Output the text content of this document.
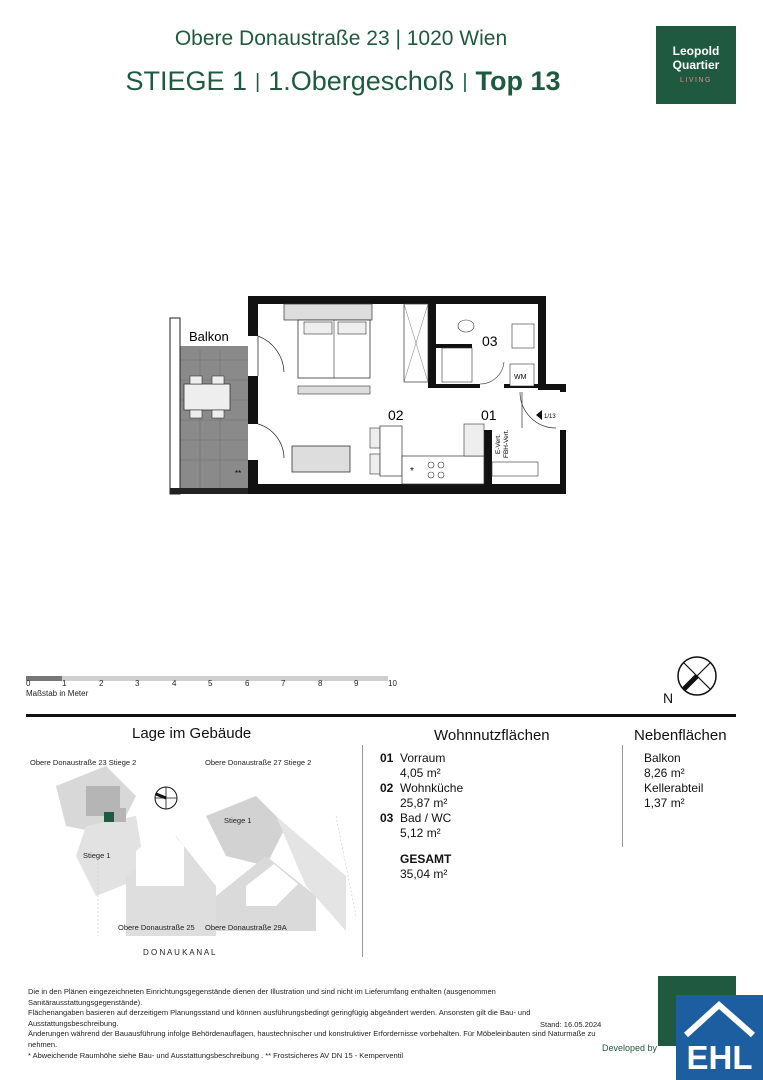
Obere Donaustraße 23 | 1020 Wien
STIEGE 1 | 1.Obergeschoß | Top 13
Leopold
Quartier
LIVING
Balkon
**	*
WM
1/13
E-Vert. FBH-Vert.
02	01
03
0	1	2	3	4	5	6	7	8	9	10
Maßstab in Meter	N
Lage im Gebäude
Obere Donaustraße 23 Stiege 2	Obere Donaustraße 27 Stiege 2
Stiege 1
Stiege 1
Obere Donaustraße 25 Obere Donaustraße 29A
D O N A U K A N A L
Wohnnutzflächen
01 Vorraum
4,05 m²
02 Wohnküche
25,87 m²
03 Bad / WC
5,12 m²
GESAMT
35,04 m²
Nebenflächen
Balkon
8,26 m²
Kellerabteil
1,37 m²
Die in den Plänen eingezeichneten Einrichtungsgegenstände dienen der Illustration und sind nicht im Lieferumfang enthalten (ausgenommen Sanitärausstattungsgegenstände).
Flächenangaben basieren auf derzeitigem Planungsstand und können ausführungsbedingt geringfügig abgeändert werden. Ansonsten gilt die Bau- und Ausstattungsbeschreibung.
Änderungen während der Bauausführung infolge Behördenauflagen, haustechnischer und konstruktiver Erfordernisse vorbehalten. Für Möbeleinbauten sind Naturmaße zu nehmen.
* Abweichende Raumhöhe siehe Bau- und Ausstattungsbeschreibung . ** Frostsicheres AV DN 15 - Kemperventil
Stand: 16.05.2024
Developed by EHL
